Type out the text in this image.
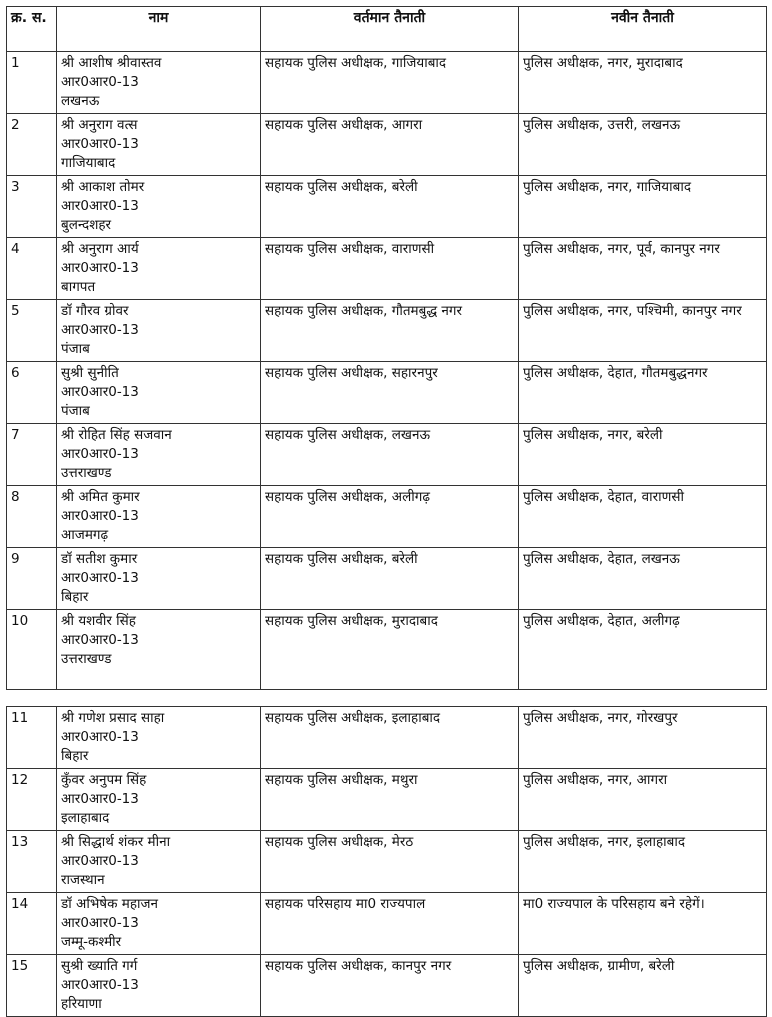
क्र. स.	नाम	वर्तमान तैनाती	नवीन तैनाती
1	श्री आशीष श्रीवास्तव
आर0आर0-13
लखनऊ	सहायक पुलिस अधीक्षक, गाजियाबाद	पुलिस अधीक्षक, नगर, मुरादाबाद
2	श्री अनुराग वत्स
आर0आर0-13
गाजियाबाद	सहायक पुलिस अधीक्षक, आगरा	पुलिस अधीक्षक, उत्तरी, लखनऊ
3	श्री आकाश तोमर
आर0आर0-13
बुलन्दशहर	सहायक पुलिस अधीक्षक, बरेली	पुलिस अधीक्षक, नगर, गाजियाबाद
4	श्री अनुराग आर्य
आर0आर0-13
बागपत	सहायक पुलिस अधीक्षक, वाराणसी	पुलिस अधीक्षक, नगर, पूर्व, कानपुर नगर
5	डॉ गौरव ग्रोवर
आर0आर0-13
पंजाब	सहायक पुलिस अधीक्षक, गौतमबुद्ध नगर	पुलिस अधीक्षक, नगर, पश्चिमी, कानपुर नगर
6	सुश्री सुनीति
आर0आर0-13
पंजाब	सहायक पुलिस अधीक्षक, सहारनपुर	पुलिस अधीक्षक, देहात, गौतमबुद्धनगर
7	श्री रोहित सिंह सजवान
आर0आर0-13
उत्तराखण्ड	सहायक पुलिस अधीक्षक, लखनऊ	पुलिस अधीक्षक, नगर, बरेली
8	श्री अमित कुमार
आर0आर0-13
आजमगढ़	सहायक पुलिस अधीक्षक, अलीगढ़	पुलिस अधीक्षक, देहात, वाराणसी
9	डॉ सतीश कुमार
आर0आर0-13
बिहार	सहायक पुलिस अधीक्षक, बरेली	पुलिस अधीक्षक, देहात, लखनऊ
10	श्री यशवीर सिंह
आर0आर0-13
उत्तराखण्ड	सहायक पुलिस अधीक्षक, मुरादाबाद	पुलिस अधीक्षक, देहात, अलीगढ़
11	श्री गणेश प्रसाद साहा
आर0आर0-13
बिहार	सहायक पुलिस अधीक्षक, इलाहाबाद	पुलिस अधीक्षक, नगर, गोरखपुर
12	कुँवर अनुपम सिंह
आर0आर0-13
इलाहाबाद	सहायक पुलिस अधीक्षक, मथुरा	पुलिस अधीक्षक, नगर, आगरा
13	श्री सिद्धार्थ शंकर मीना
आर0आर0-13
राजस्थान	सहायक पुलिस अधीक्षक, मेरठ	पुलिस अधीक्षक, नगर, इलाहाबाद
14	डॉ अभिषेक महाजन
आर0आर0-13
जम्मू-कश्मीर	सहायक परिसहाय मा0 राज्यपाल	मा0 राज्यपाल के परिसहाय बने रहेगें।
15	सुश्री ख्याति गर्ग
आर0आर0-13
हरियाणा	सहायक पुलिस अधीक्षक, कानपुर नगर	पुलिस अधीक्षक, ग्रामीण, बरेली
